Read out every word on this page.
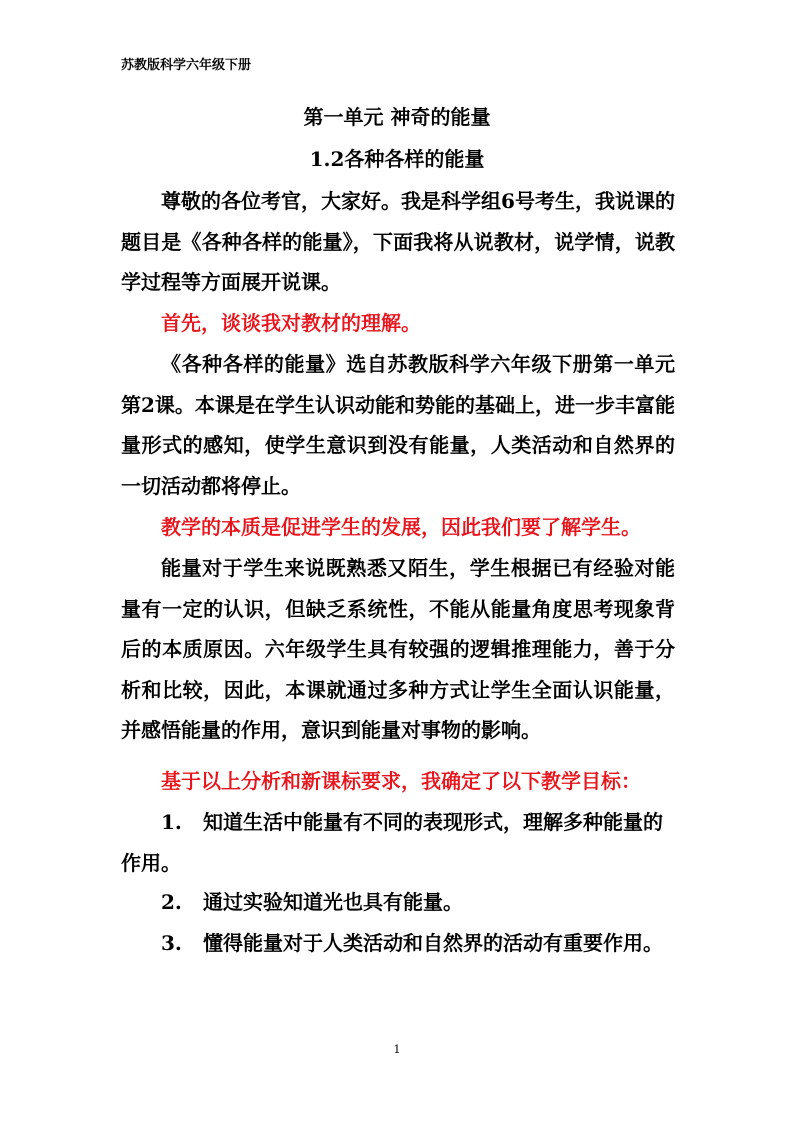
苏教版科学六年级下册
第一单元 神奇的能量
1.2各种各样的能量
尊敬的各位考官，大家好。我是科学组6号考生，我说课的题目是《各种各样的能量》，下面我将从说教材，说学情，说教学过程等方面展开说课。
首先，谈谈我对教材的理解。
《各种各样的能量》选自苏教版科学六年级下册第一单元第2课。本课是在学生认识动能和势能的基础上，进一步丰富能量形式的感知，使学生意识到没有能量，人类活动和自然界的一切活动都将停止。
教学的本质是促进学生的发展，因此我们要了解学生。
能量对于学生来说既熟悉又陌生，学生根据已有经验对能量有一定的认识，但缺乏系统性，不能从能量角度思考现象背后的本质原因。六年级学生具有较强的逻辑推理能力，善于分析和比较，因此，本课就通过多种方式让学生全面认识能量，并感悟能量的作用，意识到能量对事物的影响。
基于以上分析和新课标要求，我确定了以下教学目标：
1. 知道生活中能量有不同的表现形式，理解多种能量的作用。
2. 通过实验知道光也具有能量。
3. 懂得能量对于人类活动和自然界的活动有重要作用。
1
